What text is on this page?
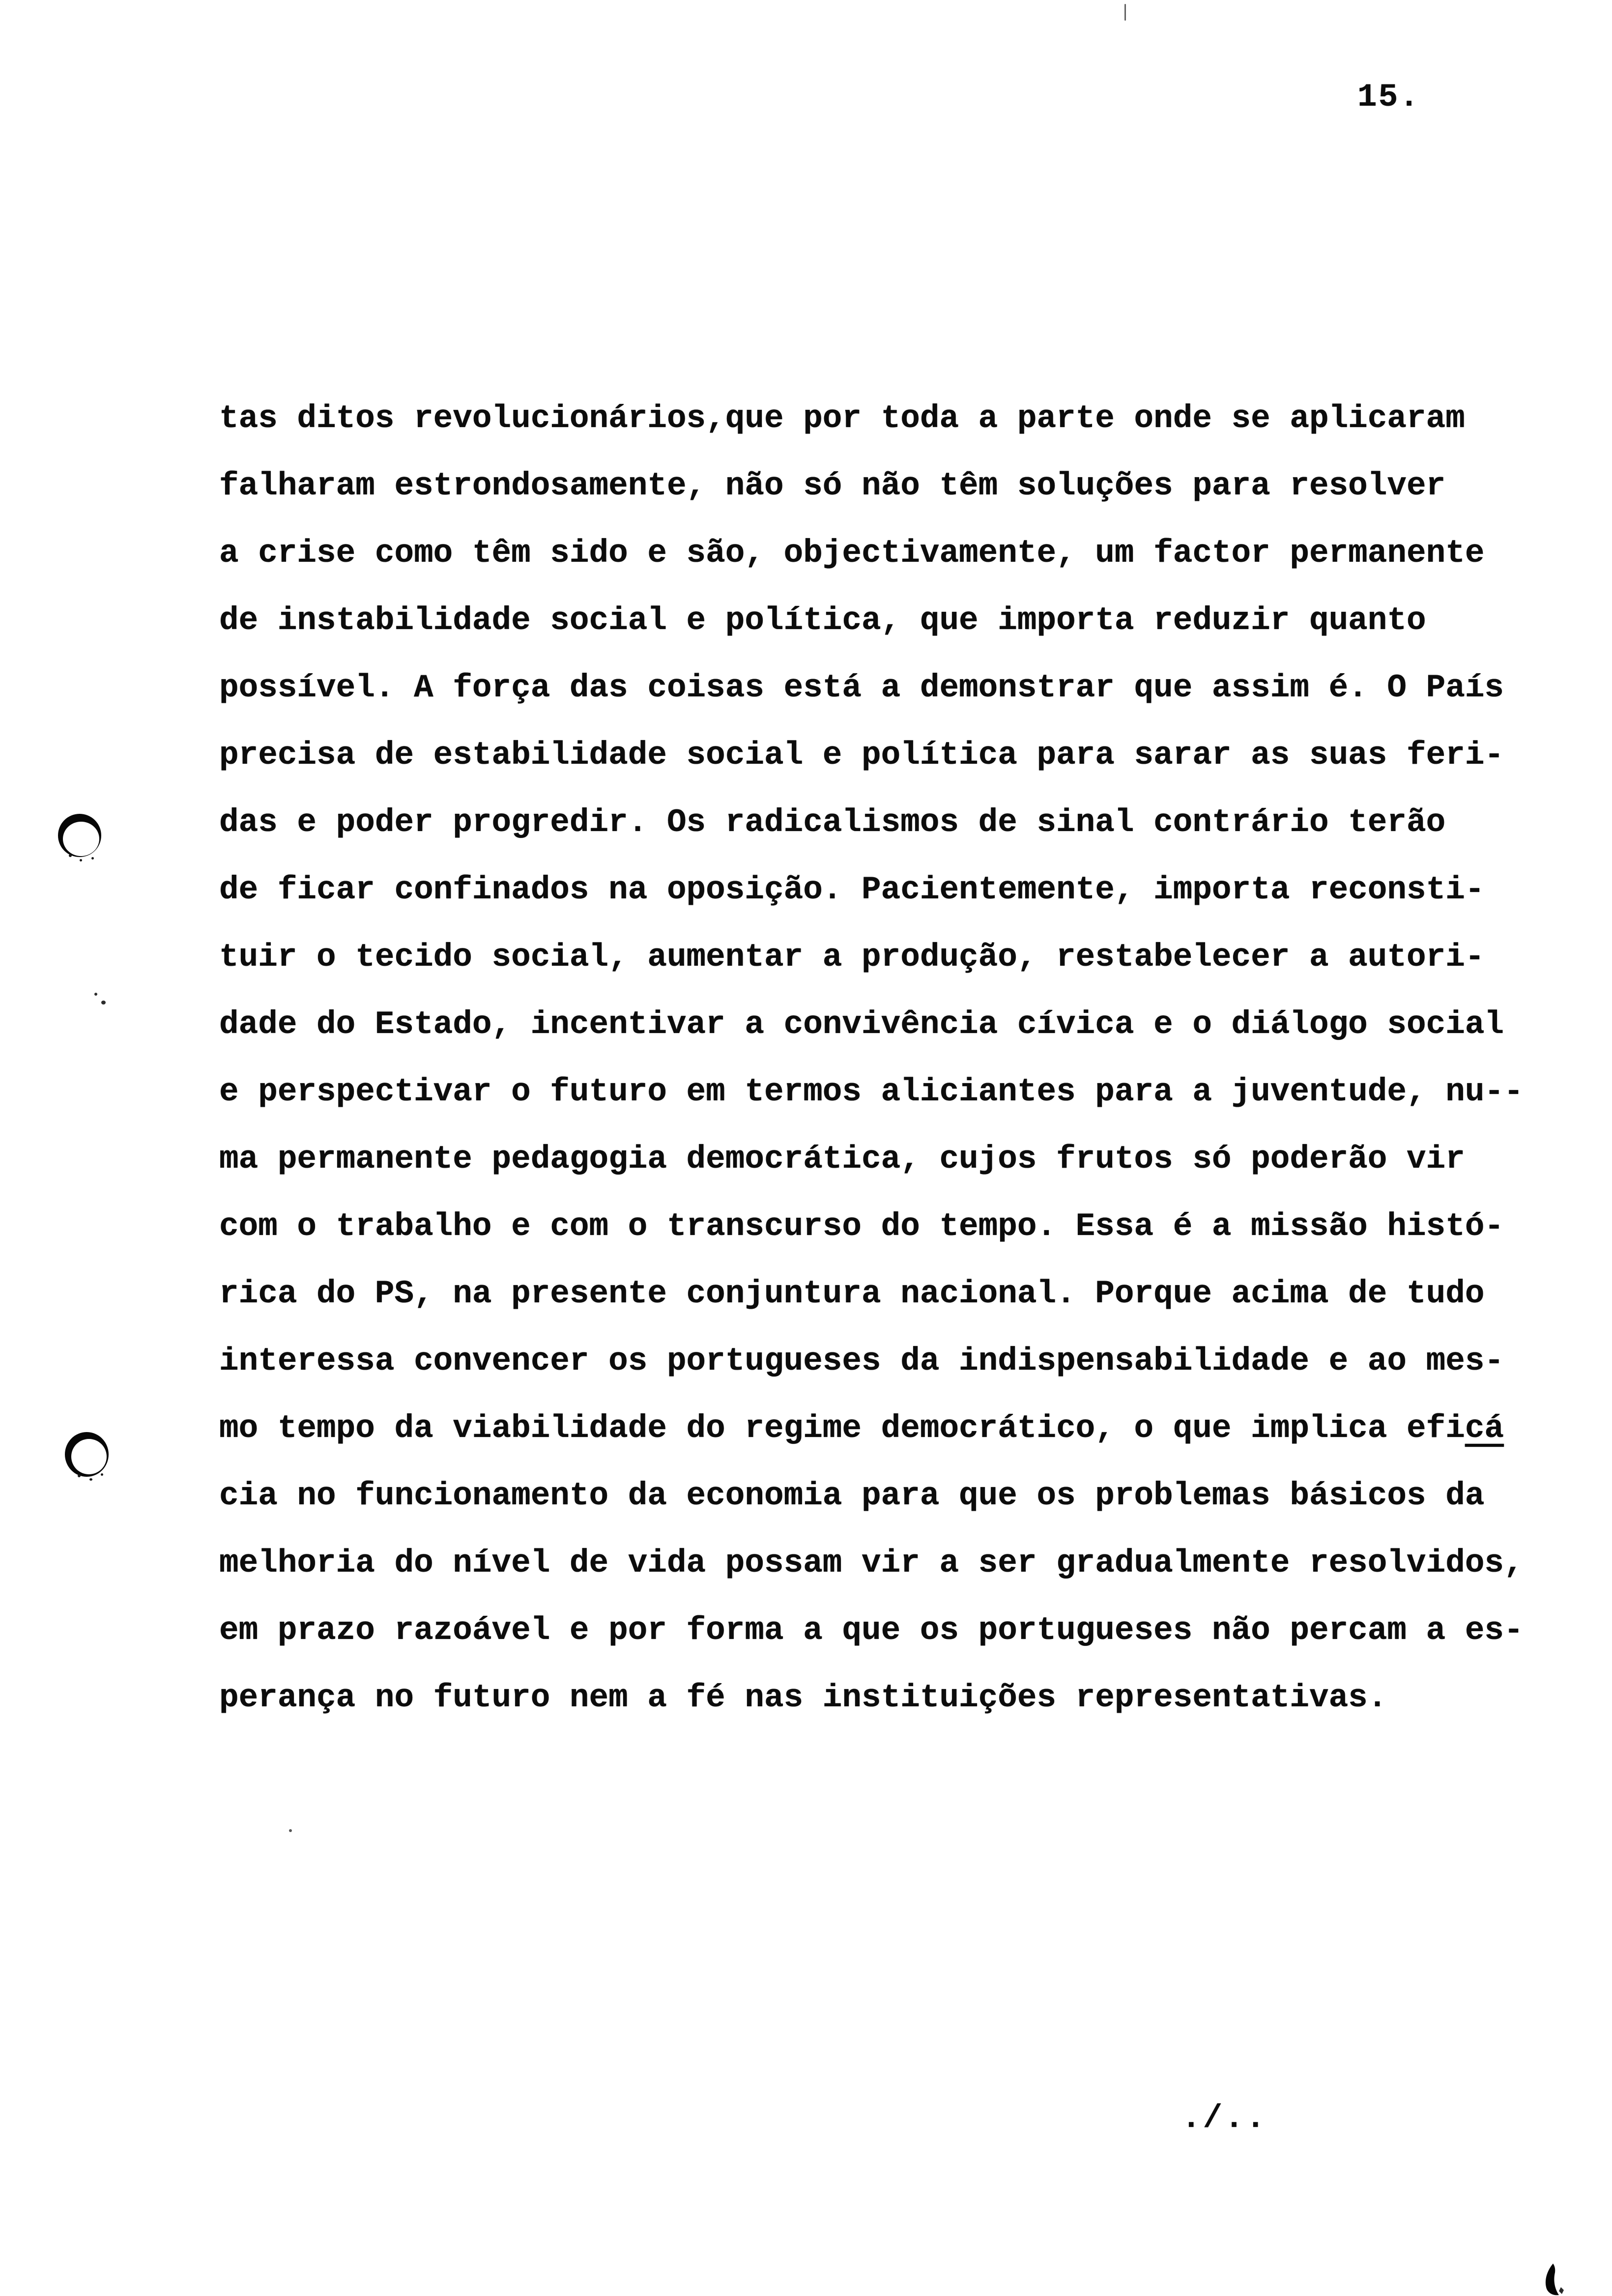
15.
tas ditos revolucionários,que por toda a parte onde se aplicaram
falharam estrondosamente, não só não têm soluções para resolver
a crise como têm sido e são, objectivamente, um factor permanente
de instabilidade social e política, que importa reduzir quanto
possível. A força das coisas está a demonstrar que assim é. O País
precisa de estabilidade social e política para sarar as suas feri-
das e poder progredir. Os radicalismos de sinal contrário terão
de ficar confinados na oposição. Pacientemente, importa reconsti-
tuir o tecido social, aumentar a produção, restabelecer a autori-
dade do Estado, incentivar a convivência cívica e o diálogo social
e perspectivar o futuro em termos aliciantes para a juventude, nu--
ma permanente pedagogia democrática, cujos frutos só poderão vir
com o trabalho e com o transcurso do tempo. Essa é a missão histó-
rica do PS, na presente conjuntura nacional. Porque acima de tudo
interessa convencer os portugueses da indispensabilidade e ao mes-
mo tempo da viabilidade do regime democrático, o que implica eficá
cia no funcionamento da economia para que os problemas básicos da
melhoria do nível de vida possam vir a ser gradualmente resolvidos,
em prazo razoável e por forma a que os portugueses não percam a es-
perança no futuro nem a fé nas instituições representativas.
./..
